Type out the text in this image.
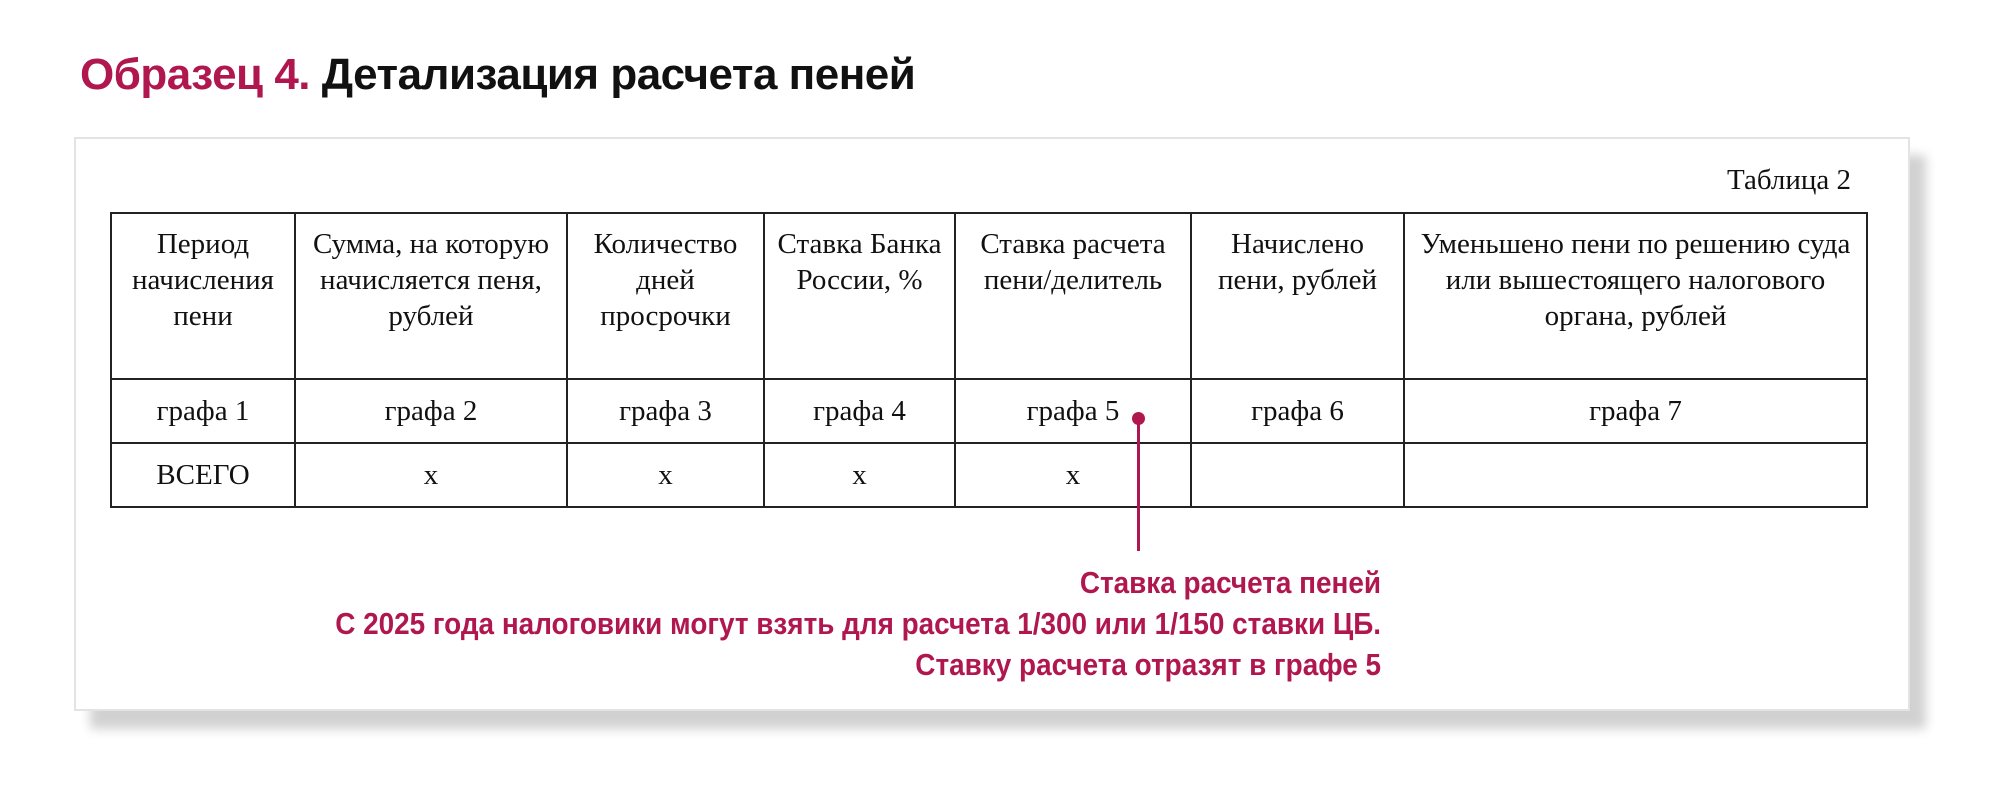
Образец 4. Детализация расчета пеней
Таблица 2
Период начисления пени	Сумма, на которую начисляется пеня, рублей	Количество дней просрочки	Ставка Банка России, %	Ставка расчета пени/делитель	Начислено пени, рублей	Уменьшено пени по решению суда или вышестоящего налогового органа, рублей
графа 1	графа 2	графа 3	графа 4	графа 5	графа 6	графа 7
ВСЕГО	x	x	x	x		
Ставка расчета пеней
С 2025 года налоговики могут взять для расчета 1/300 или 1/150 ставки ЦБ.
Ставку расчета отразят в графе 5
